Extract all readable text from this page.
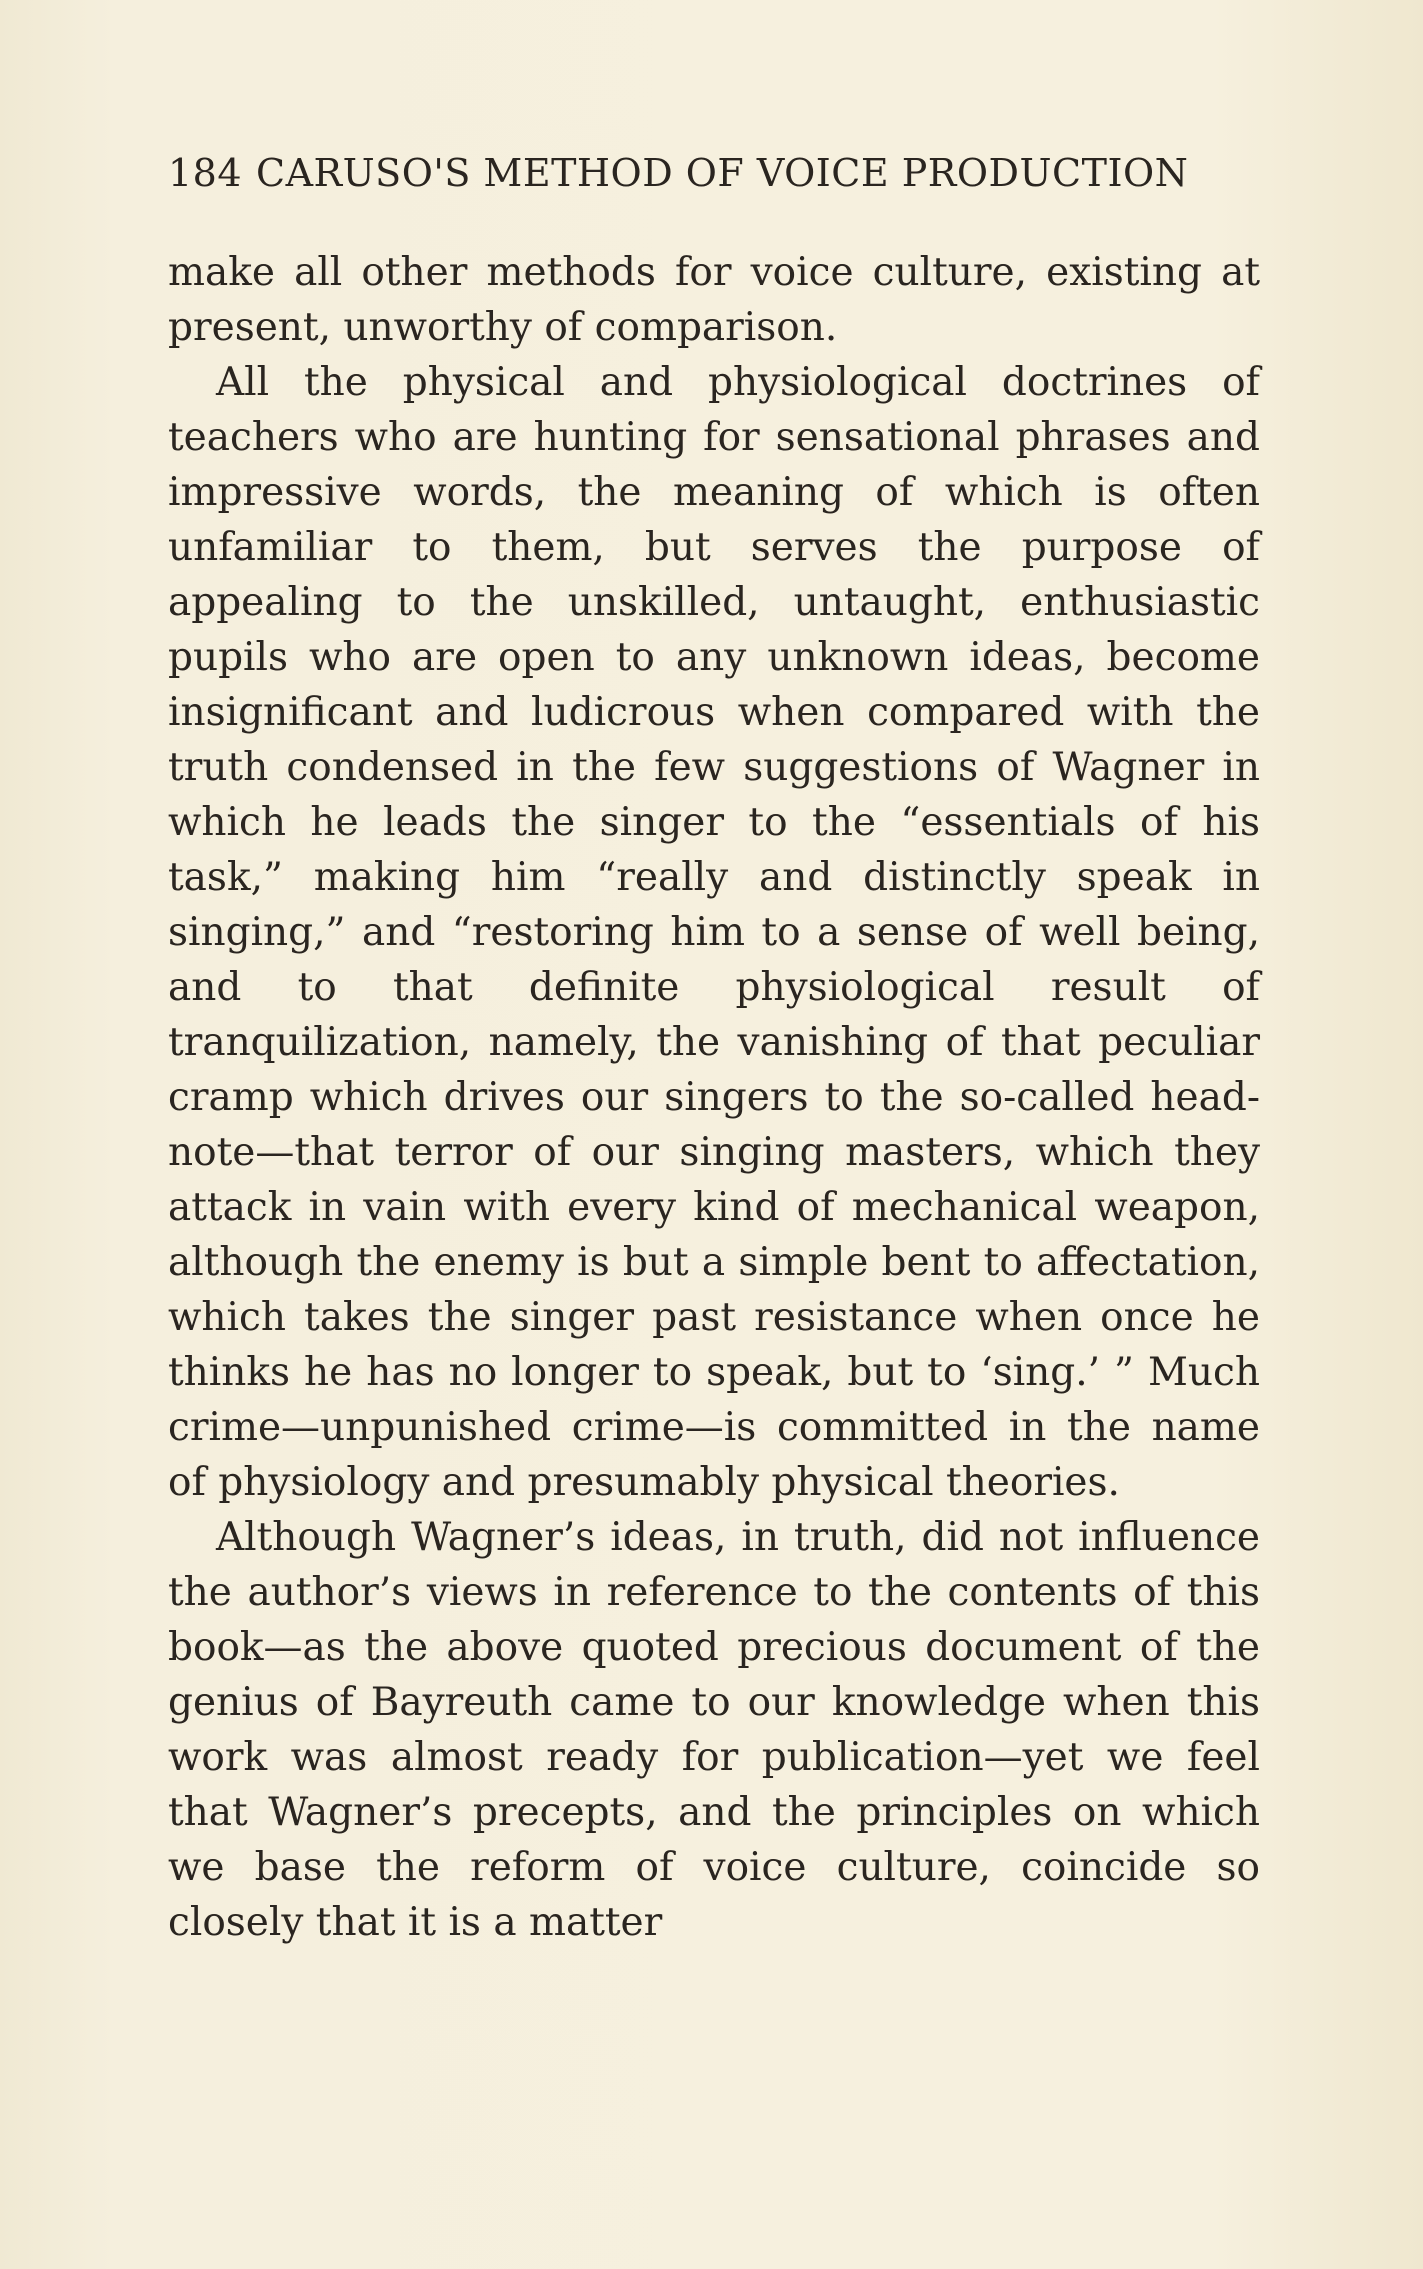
184 CARUSO'S METHOD OF VOICE PRODUCTION

make all other methods for voice culture, existing at present, unworthy of comparison.

All the physical and physiological doctrines of teachers who are hunting for sensational phrases and impressive words, the meaning of which is often unfamiliar to them, but serves the purpose of appealing to the unskilled, untaught, enthusiastic pupils who are open to any unknown ideas, become insignificant and ludicrous when compared with the truth condensed in the few suggestions of Wagner in which he leads the singer to the “essentials of his task,” making him “really and distinctly speak in singing,” and “restoring him to a sense of well being, and to that definite physiological result of tranquilization, namely, the vanishing of that peculiar cramp which drives our singers to the so-called head-note—that terror of our singing masters, which they attack in vain with every kind of mechanical weapon, although the enemy is but a simple bent to affectation, which takes the singer past resistance when once he thinks he has no longer to speak, but to ‘sing.’ ” Much crime—unpunished crime—is committed in the name of physiology and presumably physical theories.

Although Wagner’s ideas, in truth, did not influence the author’s views in reference to the contents of this book—as the above quoted precious document of the genius of Bayreuth came to our knowledge when this work was almost ready for publication—yet we feel that Wagner’s precepts, and the principles on which we base the reform of voice culture, coincide so closely that it is a matter
